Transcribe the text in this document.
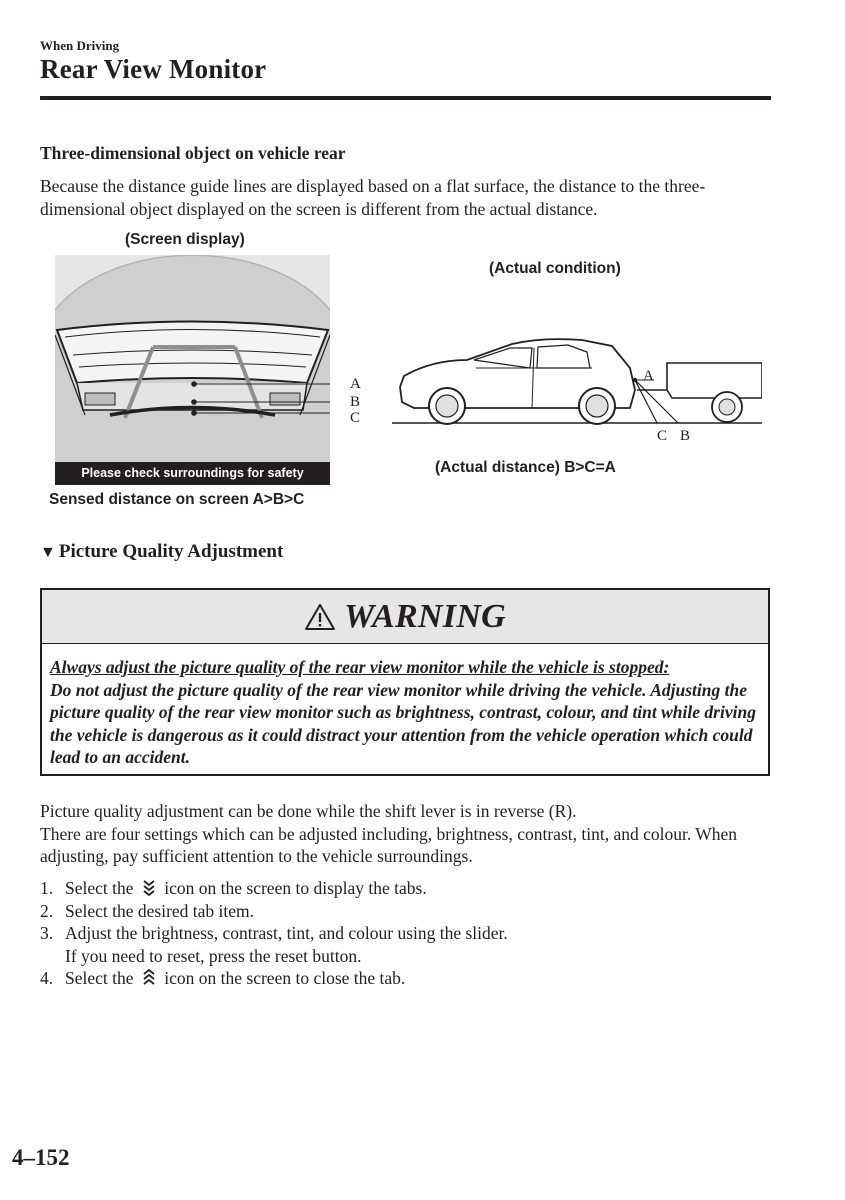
When Driving
Rear View Monitor
Three-dimensional object on vehicle rear
Because the distance guide lines are displayed based on a flat surface, the distance to the three-dimensional object displayed on the screen is different from the actual distance.
(Screen display)
Please check surroundings for safety
A
B
C
Sensed distance on screen A>B>C
(Actual condition)
A
C B
(Actual distance) B>C=A
▼ Picture Quality Adjustment
WARNING
Always adjust the picture quality of the rear view monitor while the vehicle is stopped:
Do not adjust the picture quality of the rear view monitor while driving the vehicle. Adjusting the picture quality of the rear view monitor such as brightness, contrast, colour, and tint while driving the vehicle is dangerous as it could distract your attention from the vehicle operation which could lead to an accident.
Picture quality adjustment can be done while the shift lever is in reverse (R).
There are four settings which can be adjusted including, brightness, contrast, tint, and colour. When adjusting, pay sufficient attention to the vehicle surroundings.
1. Select the icon on the screen to display the tabs.
2. Select the desired tab item.
3. Adjust the brightness, contrast, tint, and colour using the slider.
If you need to reset, press the reset button.
4. Select the icon on the screen to close the tab.
4–152
